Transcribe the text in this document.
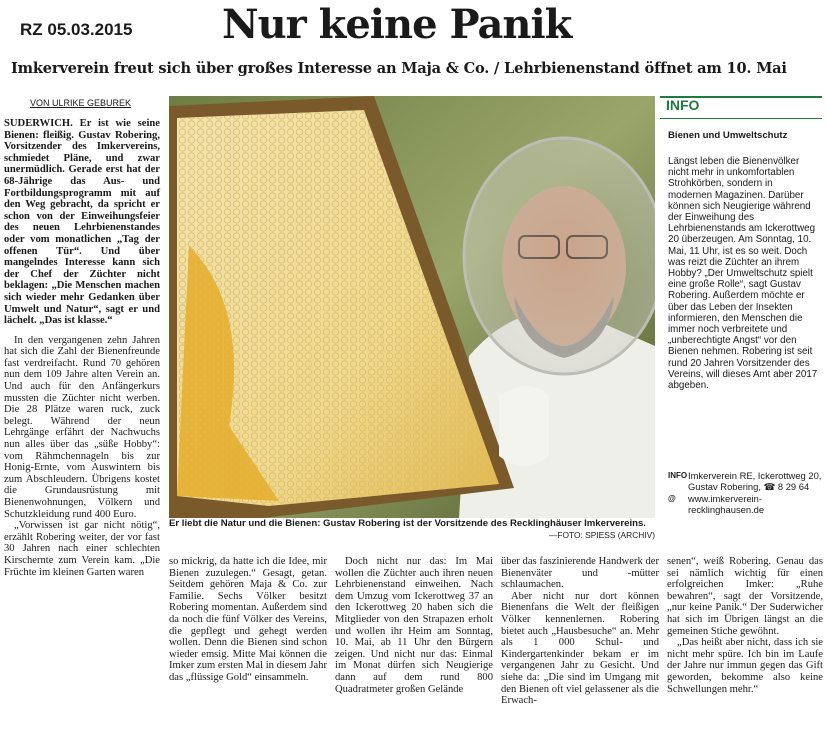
RZ 05.03.2015 Nur keine Panik
Imkerverein freut sich über großes Interesse an Maja & Co. / Lehrbienenstand öffnet am 10. Mai
VON ULRIKE GEBUREK

SUDERWICH. Er ist wie seine Bienen: fleißig. Gustav Robering, Vorsitzender des Imkervereins, schmiedet Pläne, und zwar unermüdlich. Gerade erst hat der 68-Jährige das Aus- und Fortbildungsprogramm mit auf den Weg gebracht, da spricht er schon von der Einweihungsfeier des neuen Lehrbienenstandes oder vom monatlichen „Tag der offenen Tür“. Und über mangelndes Interesse kann sich der Chef der Züchter nicht beklagen: „Die Menschen machen sich wieder mehr Gedanken über Umwelt und Natur“, sagt er und lächelt. „Das ist klasse.“

In den vergangenen zehn Jahren hat sich die Zahl der Bienenfreunde fast verdreifacht. Rund 70 gehören nun dem 109 Jahre alten Verein an. Und auch für den Anfängerkurs mussten die Züchter nicht werben. Die 28 Plätze waren ruck, zuck belegt. Während der neun Lehrgänge erfährt der Nachwuchs nun alles über das „süße Hobby“: vom Rähmchennageln bis zur Honig-Ernte, vom Auswintern bis zum Abschleudern. Übrigens kostet die Grundausrüstung mit Bienenwohnungen, Völkern und Schutzkleidung rund 400 Euro.

„Vorwissen ist gar nicht nötig“, erzählt Robering weiter, der vor fast 30 Jahren nach einer schlechten Kirschernte zum Verein kam. „Die Früchte im kleinen Garten waren

Er liebt die Natur und die Bienen: Gustav Robering ist der Vorsitzende des Recklinghäuser Imkervereins.
—FOTO: SPIESS (ARCHIV)

so mickrig, da hatte ich die Idee, mir Bienen zuzulegen.“ Gesagt, getan. Seitdem gehören Maja & Co. zur Familie. Sechs Völker besitzt Robering momentan. Außerdem sind da noch die fünf Völker des Vereins, die gepflegt und gehegt werden wollen. Denn die Bienen sind schon wieder emsig. Mitte Mai können die Imker zum ersten Mal in diesem Jahr das „flüssige Gold“ einsammeln.

Doch nicht nur das: Im Mai wollen die Züchter auch ihren neuen Lehrbienenstand einweihen. Nach dem Umzug vom Ickerottweg 37 an den Ickerottweg 20 haben sich die Mitglieder von den Strapazen erholt und wollen ihr Heim am Sonntag, 10. Mai, ab 11 Uhr den Bürgern zeigen. Und nicht nur das: Einmal im Monat dürfen sich Neugierige dann auf dem rund 800 Quadratmeter großen Gelände

über das faszinierende Handwerk der Bienenväter und -mütter schlaumachen.

Aber nicht nur dort können Bienenfans die Welt der fleißigen Völker kennenlernen. Robering bietet auch „Hausbesuche“ an. Mehr als 1 000 Schul- und Kindergartenkinder bekam er im vergangenen Jahr zu Gesicht. Und siehe da: „Die sind im Umgang mit den Bienen oft viel gelassener als die Erwach-

senen“, weiß Robering. Genau das sei nämlich wichtig für einen erfolgreichen Imker: „Ruhe bewahren“, sagt der Vorsitzende, „nur keine Panik.“ Der Suderwicher hat sich im Übrigen längst an die gemeinen Stiche gewöhnt.

„Das heißt aber nicht, dass ich sie nicht mehr spüre. Ich bin im Laufe der Jahre nur immun gegen das Gift geworden, bekomme also keine Schwellungen mehr.“

INFO
Bienen und Umweltschutz
Längst leben die Bienenvölker nicht mehr in unkomfortablen Strohkörben, sondern in modernen Magazinen. Darüber können sich Neugierige während der Einweihung des Lehrbienenstands am Ickerottweg 20 überzeugen. Am Sonntag, 10. Mai, 11 Uhr, ist es so weit. Doch was reizt die Züchter an ihrem Hobby? „Der Umweltschutz spielt eine große Rolle“, sagt Gustav Robering. Außerdem möchte er über das Leben der Insekten informieren, den Menschen die immer noch verbreitete und „unberechtigte Angst“ vor den Bienen nehmen. Robering ist seit rund 20 Jahren Vorsitzender des Vereins, will dieses Amt aber 2017 abgeben.
INFO Imkerverein RE, Ickerottweg 20, Gustav Robering, ☎ 8 29 64
@	www.imkerverein-recklinghausen.de
